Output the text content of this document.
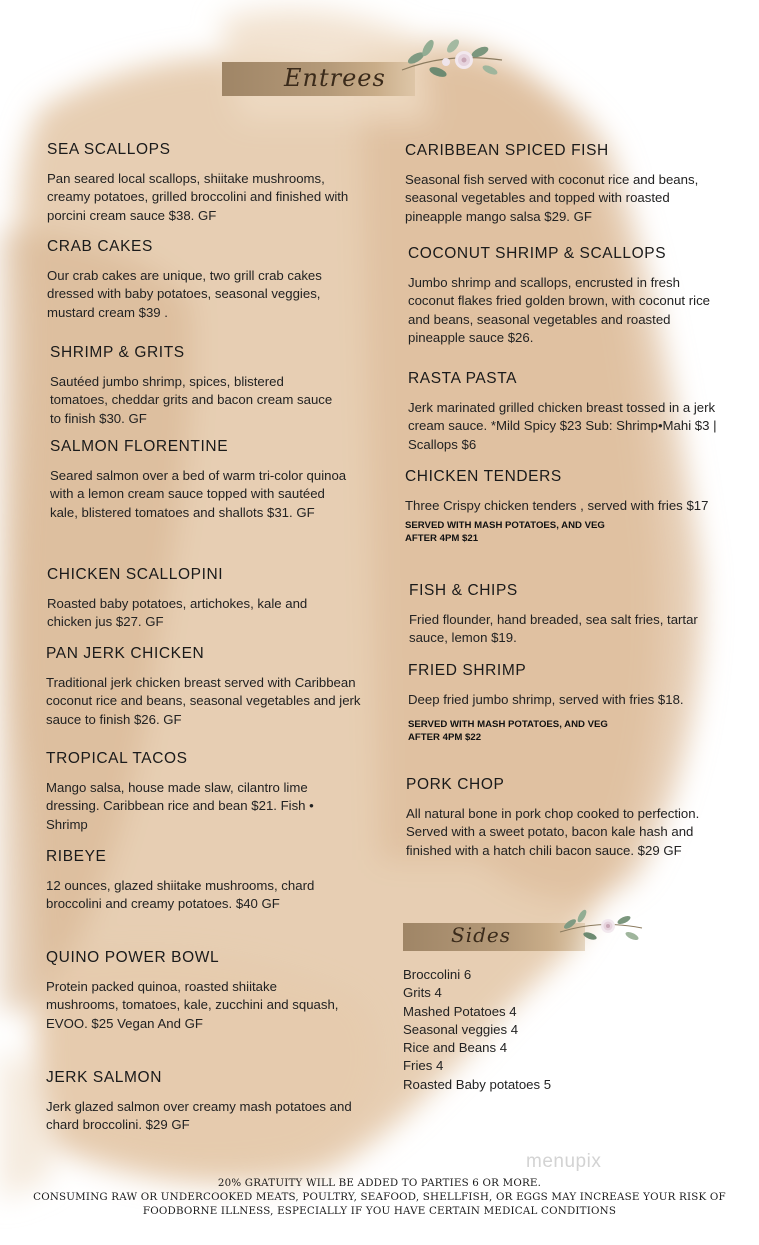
Entrees
Sides
SEA SCALLOPS
Pan seared local scallops, shiitake mushrooms, creamy potatoes, grilled broccolini and finished with porcini cream sauce $38. GF
CRAB CAKES
Our crab cakes are unique, two grill crab cakes dressed with baby potatoes, seasonal veggies, mustard cream $39 .
SHRIMP & GRITS
Sautéed jumbo shrimp, spices, blistered tomatoes, cheddar grits and bacon cream sauce to finish $30. GF
SALMON FLORENTINE
Seared salmon over a bed of warm tri-color quinoa with a lemon cream sauce topped with sautéed kale, blistered tomatoes and shallots $31. GF
CHICKEN SCALLOPINI
Roasted baby potatoes, artichokes, kale and chicken jus $27. GF
PAN JERK CHICKEN
Traditional jerk chicken breast served with Caribbean coconut rice and beans, seasonal vegetables and jerk sauce to finish $26. GF
TROPICAL TACOS
Mango salsa, house made slaw, cilantro lime dressing. Caribbean rice and bean $21. Fish • Shrimp
RIBEYE
12 ounces, glazed shiitake mushrooms, chard broccolini and creamy potatoes. $40 GF
QUINO POWER BOWL
Protein packed quinoa, roasted shiitake mushrooms, tomatoes, kale, zucchini and squash, EVOO. $25 Vegan And GF
JERK SALMON
Jerk glazed salmon over creamy mash potatoes and chard broccolini. $29 GF
CARIBBEAN SPICED FISH
Seasonal fish served with coconut rice and beans, seasonal vegetables and topped with roasted pineapple mango salsa $29. GF
COCONUT SHRIMP & SCALLOPS
Jumbo shrimp and scallops, encrusted in fresh coconut flakes fried golden brown, with coconut rice and beans, seasonal vegetables and roasted pineapple sauce $26.
RASTA PASTA
Jerk marinated grilled chicken breast tossed in a jerk cream sauce. *Mild Spicy $23 Sub: Shrimp•Mahi $3 | Scallops $6
CHICKEN TENDERS
Three Crispy chicken tenders , served with fries $17
SERVED WITH MASH POTATOES, AND VEG
AFTER 4PM $21
FISH & CHIPS
Fried flounder, hand breaded, sea salt fries, tartar sauce, lemon $19.
FRIED SHRIMP
Deep fried jumbo shrimp, served with fries $18.
SERVED WITH MASH POTATOES, AND VEG
AFTER 4PM $22
PORK CHOP
All natural bone in pork chop cooked to perfection. Served with a sweet potato, bacon kale hash and finished with a hatch chili bacon sauce. $29 GF
Broccolini 6
Grits 4
Mashed Potatoes 4
Seasonal veggies 4
Rice and Beans 4
Fries 4
Roasted Baby potatoes 5
menupix
20% GRATUITY WILL BE ADDED TO PARTIES 6 OR MORE.
CONSUMING RAW OR UNDERCOOKED MEATS, POULTRY, SEAFOOD, SHELLFISH, OR EGGS MAY INCREASE YOUR RISK OF
FOODBORNE ILLNESS, ESPECIALLY IF YOU HAVE CERTAIN MEDICAL CONDITIONS
